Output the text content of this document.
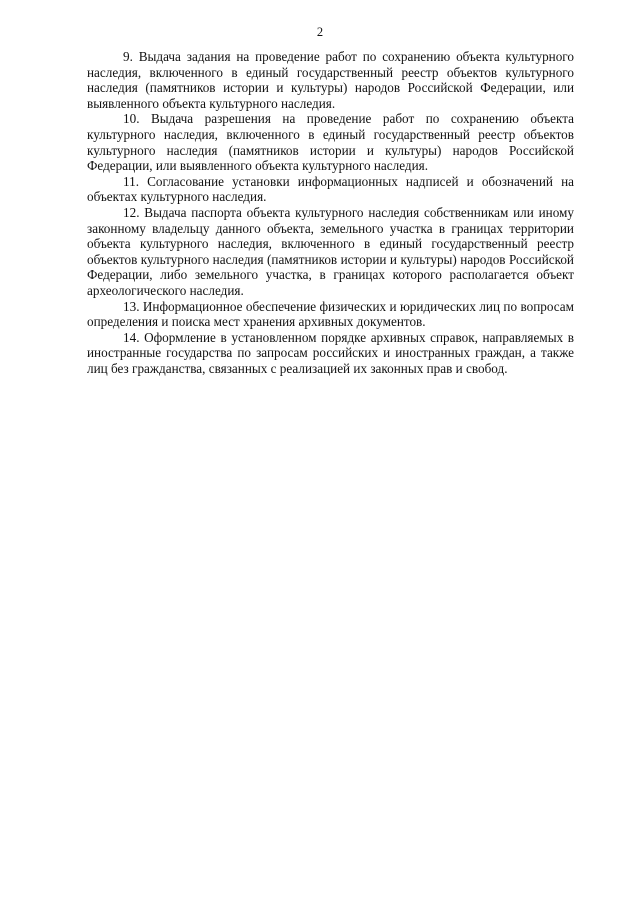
2

9. Выдача задания на проведение работ по сохранению объекта культурного наследия, включенного в единый государственный реестр объектов культурного наследия (памятников истории и культуры) народов Российской Федерации, или выявленного объекта культурного наследия.

10. Выдача разрешения на проведение работ по сохранению объекта культурного наследия, включенного в единый государственный реестр объектов культурного наследия (памятников истории и культуры) народов Российской Федерации, или выявленного объекта культурного наследия.

11. Согласование установки информационных надписей и обозначений на объектах культурного наследия.

12. Выдача паспорта объекта культурного наследия собственникам или иному законному владельцу данного объекта, земельного участка в границах территории объекта культурного наследия, включенного в единый государственный реестр объектов культурного наследия (памятников истории и культуры) народов Российской Федерации, либо земельного участка, в границах которого располагается объект археологического наследия.

13. Информационное обеспечение физических и юридических лиц по вопросам определения и поиска мест хранения архивных документов.

14. Оформление в установленном порядке архивных справок, направляемых в иностранные государства по запросам российских и иностранных граждан, а также лиц без гражданства, связанных с реализацией их законных прав и свобод.
